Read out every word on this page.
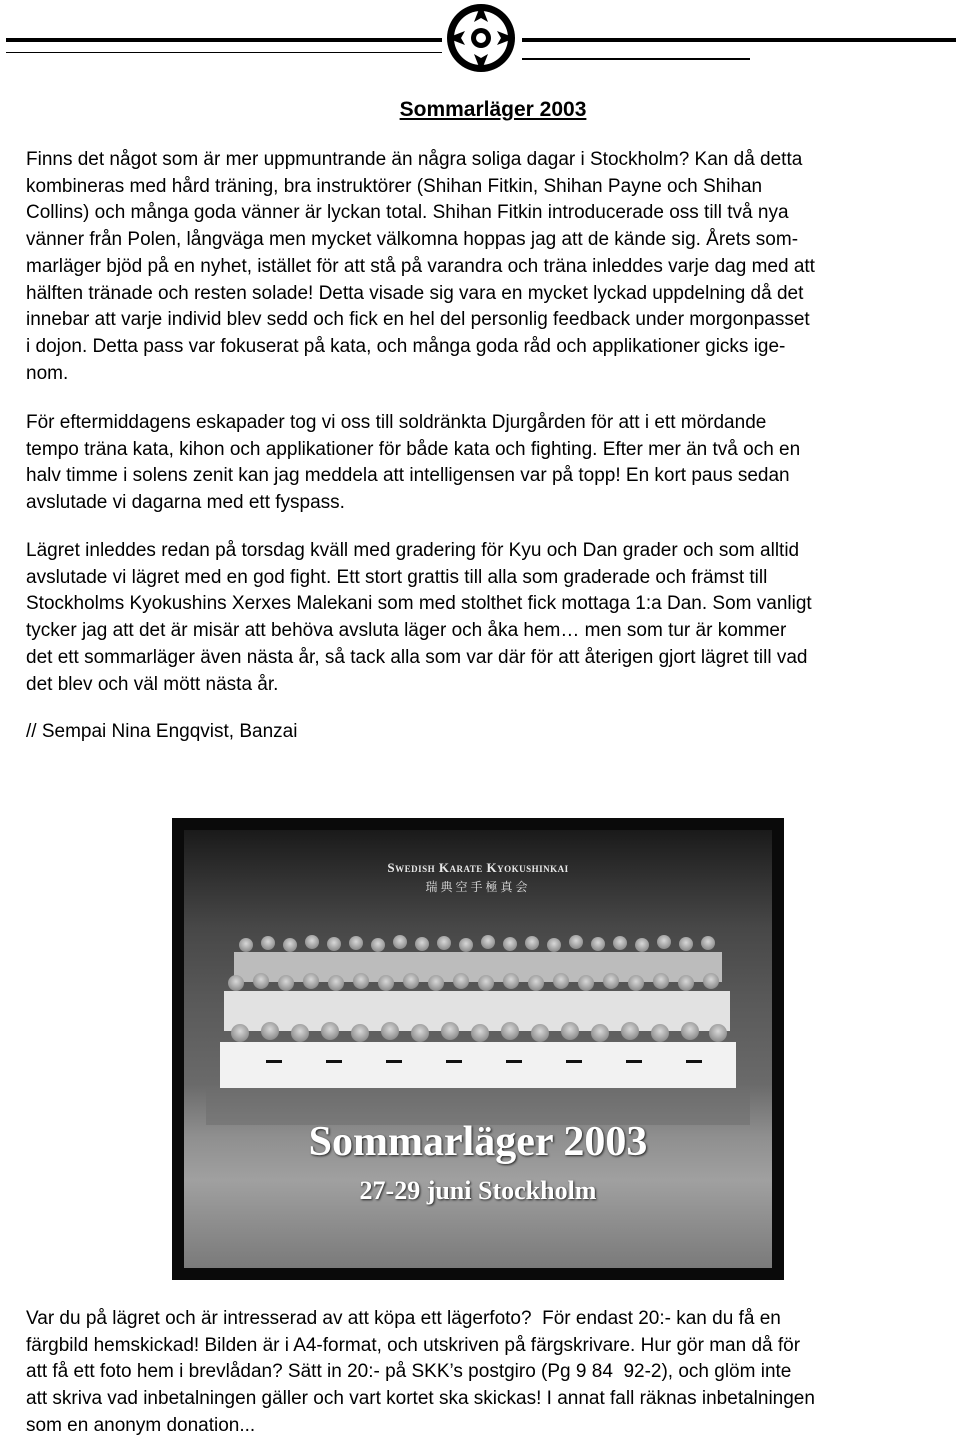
Sommarläger 2003

Finns det något som är mer uppmuntrande än några soliga dagar i Stockholm? Kan då detta
kombineras med hård träning, bra instruktörer (Shihan Fitkin, Shihan Payne och Shihan
Collins) och många goda vänner är lyckan total. Shihan Fitkin introducerade oss till två nya
vänner från Polen, långväga men mycket välkomna hoppas jag att de kände sig. Årets som-
marläger bjöd på en nyhet, istället för att stå på varandra och träna inleddes varje dag med att
hälften tränade och resten solade! Detta visade sig vara en mycket lyckad uppdelning då det
innebar att varje individ blev sedd och fick en hel del personlig feedback under morgonpasset
i dojon. Detta pass var fokuserat på kata, och många goda råd och applikationer gicks ige-
nom.

För eftermiddagens eskapader tog vi oss till soldränkta Djurgården för att i ett mördande
tempo träna kata, kihon och applikationer för både kata och fighting. Efter mer än två och en
halv timme i solens zenit kan jag meddela att intelligensen var på topp! En kort paus sedan
avslutade vi dagarna med ett fyspass.

Lägret inleddes redan på torsdag kväll med gradering för Kyu och Dan grader och som alltid
avslutade vi lägret med en god fight. Ett stort grattis till alla som graderade och främst till
Stockholms Kyokushins Xerxes Malekani som med stolthet fick mottaga 1:a Dan. Som vanligt
tycker jag att det är misär att behöva avsluta läger och åka hem… men som tur är kommer
det ett sommarläger även nästa år, så tack alla som var där för att återigen gjort lägret till vad
det blev och väl mött nästa år.

// Sempai Nina Engqvist, Banzai

Swedish Karate Kyokushinkai
瑞典空手極真会
Sommarläger 2003
27-29 juni Stockholm

Var du på lägret och är intresserad av att köpa ett lägerfoto?  För endast 20:- kan du få en
färgbild hemskickad! Bilden är i A4-format, och utskriven på färgskrivare. Hur gör man då för
att få ett foto hem i brevlådan? Sätt in 20:- på SKK’s postgiro (Pg 9 84  92-2), och glöm inte
att skriva vad inbetalningen gäller och vart kortet ska skickas! I annat fall räknas inbetalningen
som en anonym donation...
